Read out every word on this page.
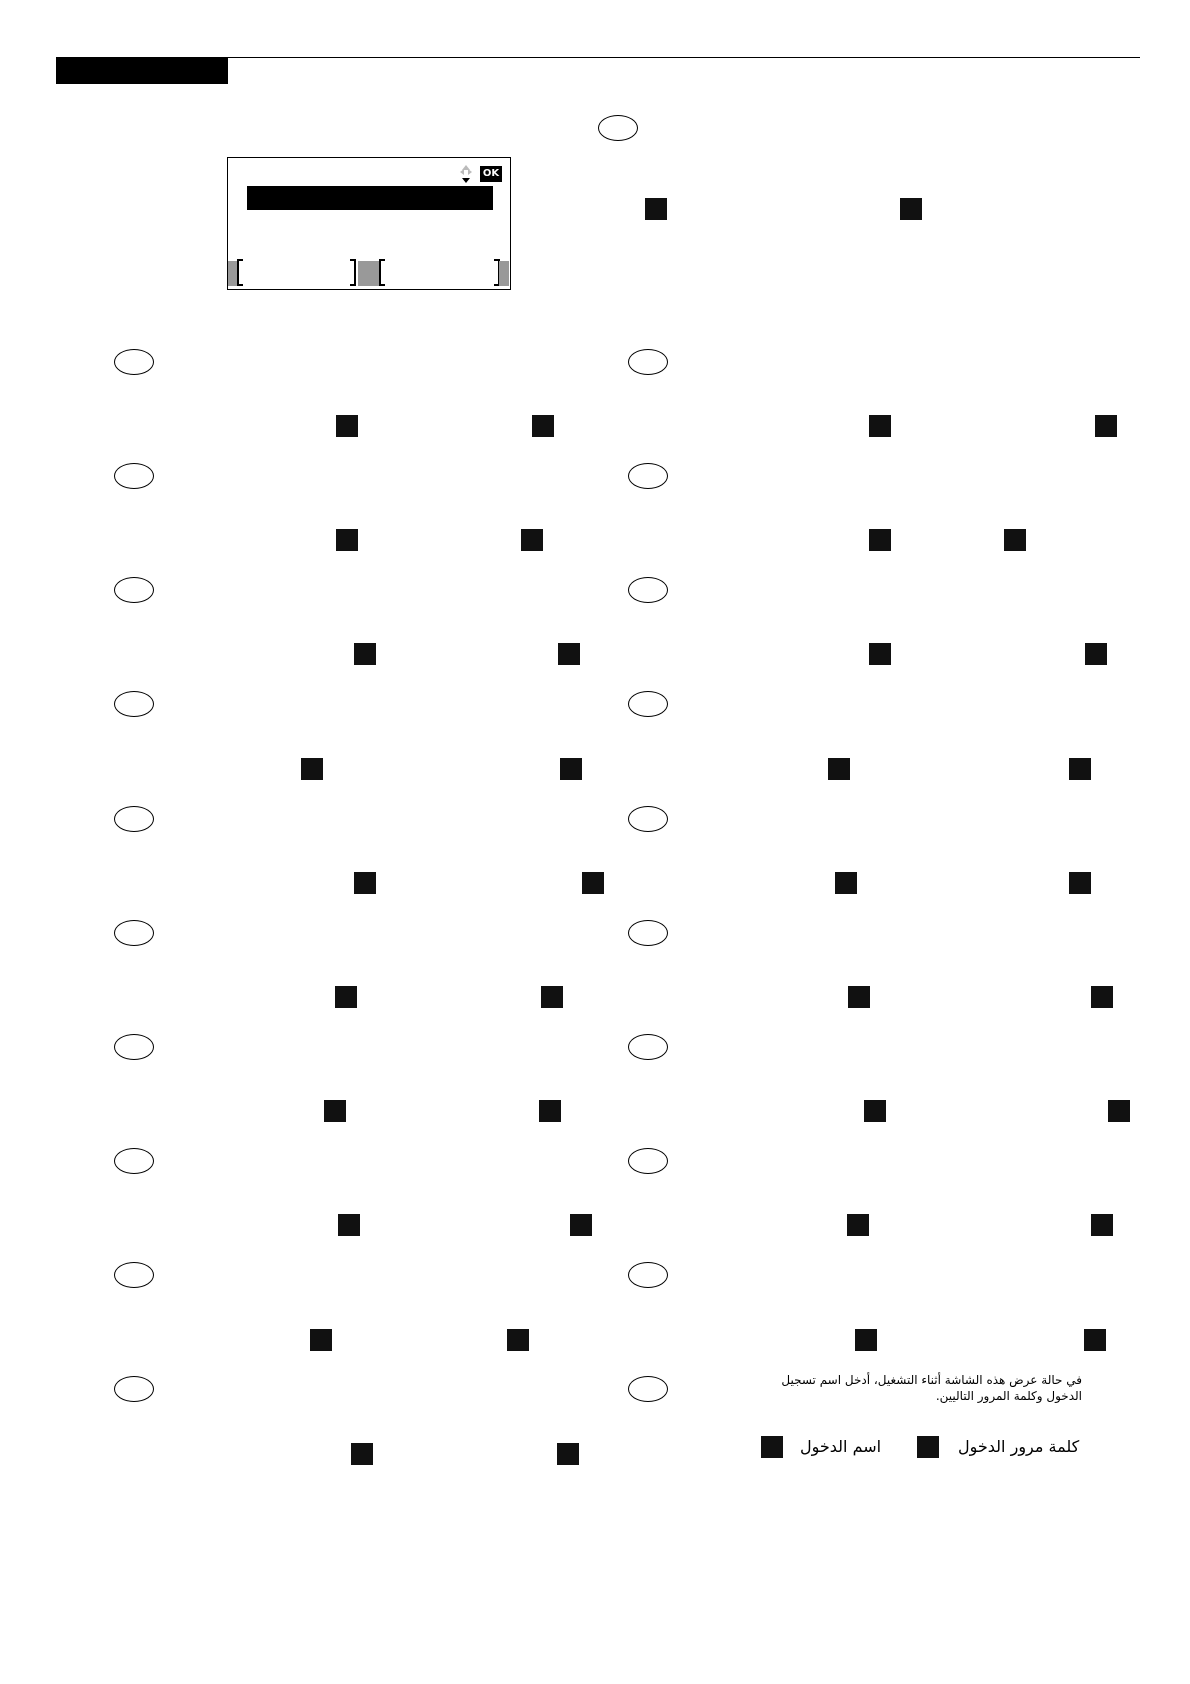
OK
في حالة عرض هذه الشاشة أثناء التشغيل، أدخل اسم تسجيل
الدخول وكلمة المرور التاليين.
اسم الدخول	كلمة مرور الدخول
